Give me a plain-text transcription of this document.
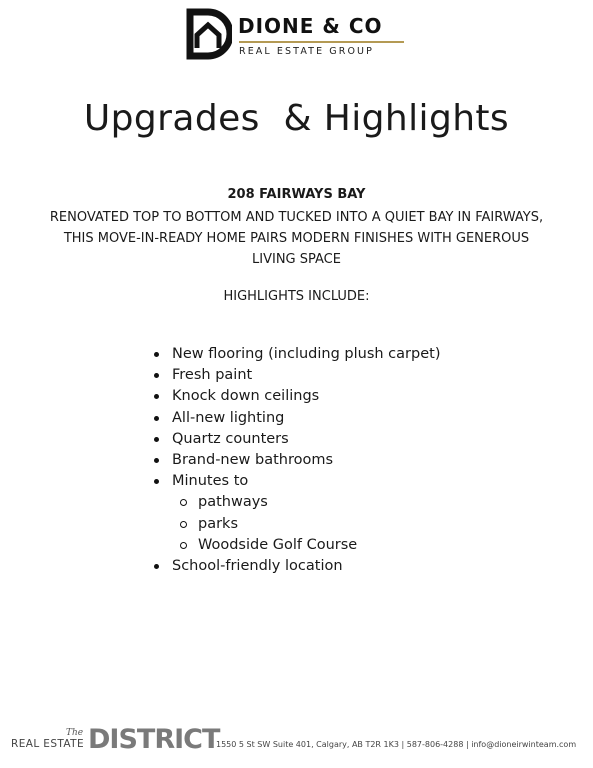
DIONE & CO
REAL ESTATE GROUP
Upgrades  & Highlights
208 FAIRWAYS BAY
RENOVATED TOP TO BOTTOM AND TUCKED INTO A QUIET BAY IN FAIRWAYS, THIS MOVE-IN-READY HOME PAIRS MODERN FINISHES WITH GENEROUS LIVING SPACE
HIGHLIGHTS INCLUDE:
New flooring (including plush carpet)
Fresh paint
Knock down ceilings
All-new lighting
Quartz counters
Brand-new bathrooms
Minutes to
pathways
parks
Woodside Golf Course
School-friendly location
The
REAL ESTATE DISTRICT
1550 5 St SW Suite 401, Calgary, AB T2R 1K3 | 587-806-4288 | info@dioneirwinteam.com
